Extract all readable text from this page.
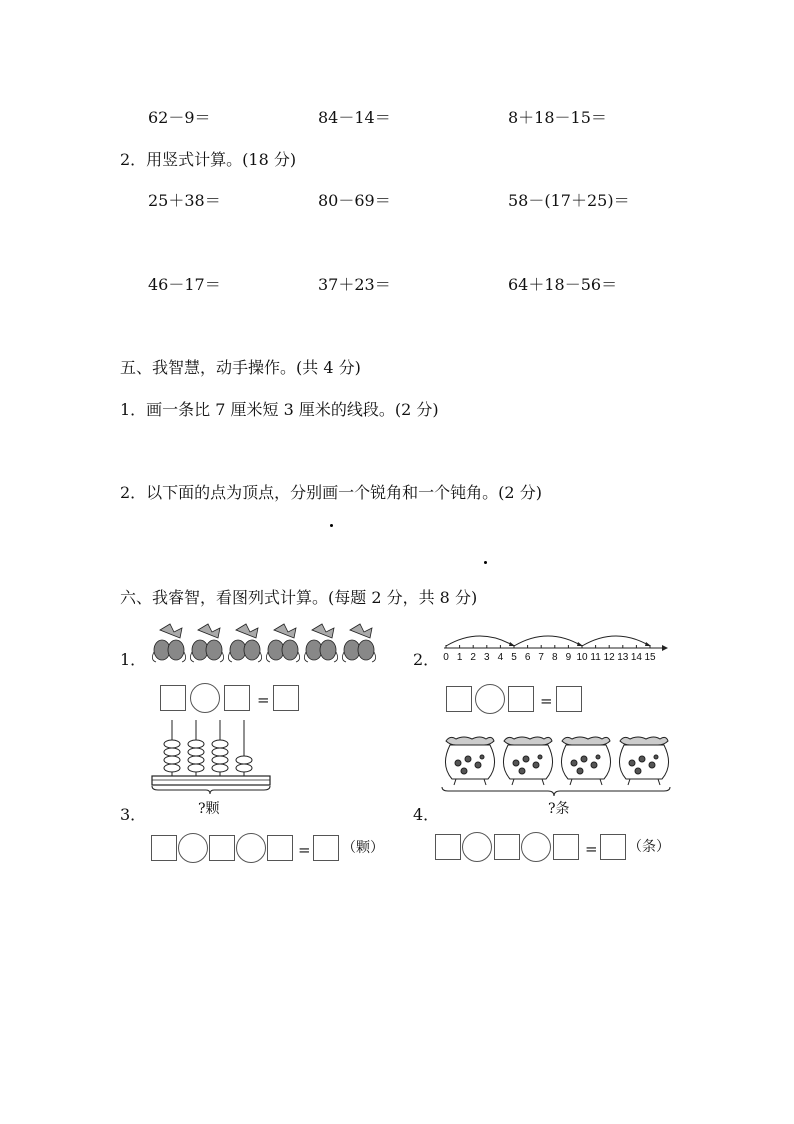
62－9＝	84－14＝	8＋18－15＝
2．用竖式计算。(18 分)
25＋38＝	80－69＝	58－(17＋25)＝
46－17＝	37＋23＝	64＋18－56＝
五、我智慧，动手操作。(共 4 分)
1．画一条比 7 厘米短 3 厘米的线段。(2 分)
2．以下面的点为顶点，分别画一个锐角和一个钝角。(2 分)
六、我睿智，看图列式计算。(每题 2 分，共 8 分)
1．
=
2． 0 1 2 3 4 5 6 7 8 9 10 11 12 13 14 15
=
3．	?颗
= （颗）
4．	?条
= （条）
